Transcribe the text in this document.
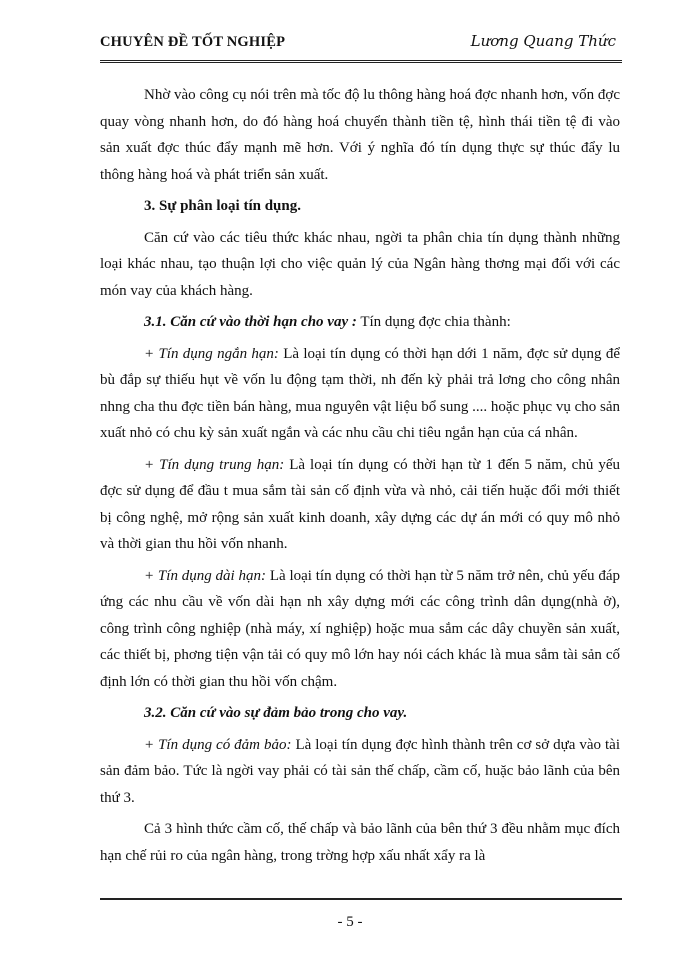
CHUYÊN ĐỀ TỐT NGHIỆP	Lương Quang Thức

Nhờ vào công cụ nói trên mà tốc độ lu thông hàng hoá đợc nhanh hơn, vốn đợc quay vòng nhanh hơn, do đó hàng hoá chuyển thành tiền tệ, hình thái tiền tệ đi vào sản xuất đợc thúc đẩy mạnh mẽ hơn. Với ý nghĩa đó tín dụng thực sự thúc đẩy lu thông hàng hoá và phát triển sản xuất.

3. Sự phân loại tín dụng.

Căn cứ vào các tiêu thức khác nhau, ngời ta phân chia tín dụng thành những loại khác nhau, tạo thuận lợi cho việc quản lý của Ngân hàng thơng mại đối với các món vay của khách hàng.

3.1. Căn cứ vào thời hạn cho vay : Tín dụng đợc chia thành:

+ Tín dụng ngắn hạn: Là loại tín dụng có thời hạn dới 1 năm, đợc sử dụng để bù đắp sự thiếu hụt về vốn lu động tạm thời, nh đến kỳ phải trả lơng cho công nhân nhng cha thu đợc tiền bán hàng, mua nguyên vật liệu bổ sung .... hoặc phục vụ cho sản xuất nhỏ có chu kỳ sản xuất ngắn và các nhu cầu chi tiêu ngắn hạn của cá nhân.

+ Tín dụng trung hạn: Là loại tín dụng có thời hạn từ 1 đến 5 năm, chủ yếu đợc sử dụng để đầu t mua sắm tài sản cố định vừa và nhỏ, cải tiến huặc đổi mới thiết bị công nghệ, mở rộng sản xuất kinh doanh, xây dựng các dự án mới có quy mô nhỏ và thời gian thu hồi vốn nhanh.

+ Tín dụng dài hạn: Là loại tín dụng có thời hạn từ 5 năm trở nên, chủ yếu đáp ứng các nhu cầu về vốn dài hạn nh xây dựng mới các công trình dân dụng(nhà ở), công trình công nghiệp (nhà máy, xí nghiệp) hoặc mua sắm các dây chuyền sản xuất, các thiết bị, phơng tiện vận tải có quy mô lớn hay nói cách khác là mua sắm tài sản cố định lớn có thời gian thu hồi vốn chậm.

3.2. Căn cứ vào sự đảm bảo trong cho vay.

+ Tín dụng có đảm bảo: Là loại tín dụng đợc hình thành trên cơ sở dựa vào tài sản đảm bảo. Tức là ngời vay phải có tài sản thế chấp, cầm cố, huặc bảo lãnh của bên thứ 3.

Cả 3 hình thức cầm cố, thế chấp và bảo lãnh của bên thứ 3 đều nhằm mục đích hạn chế rủi ro của ngân hàng, trong trờng hợp xấu nhất xẩy ra là

- 5 -
